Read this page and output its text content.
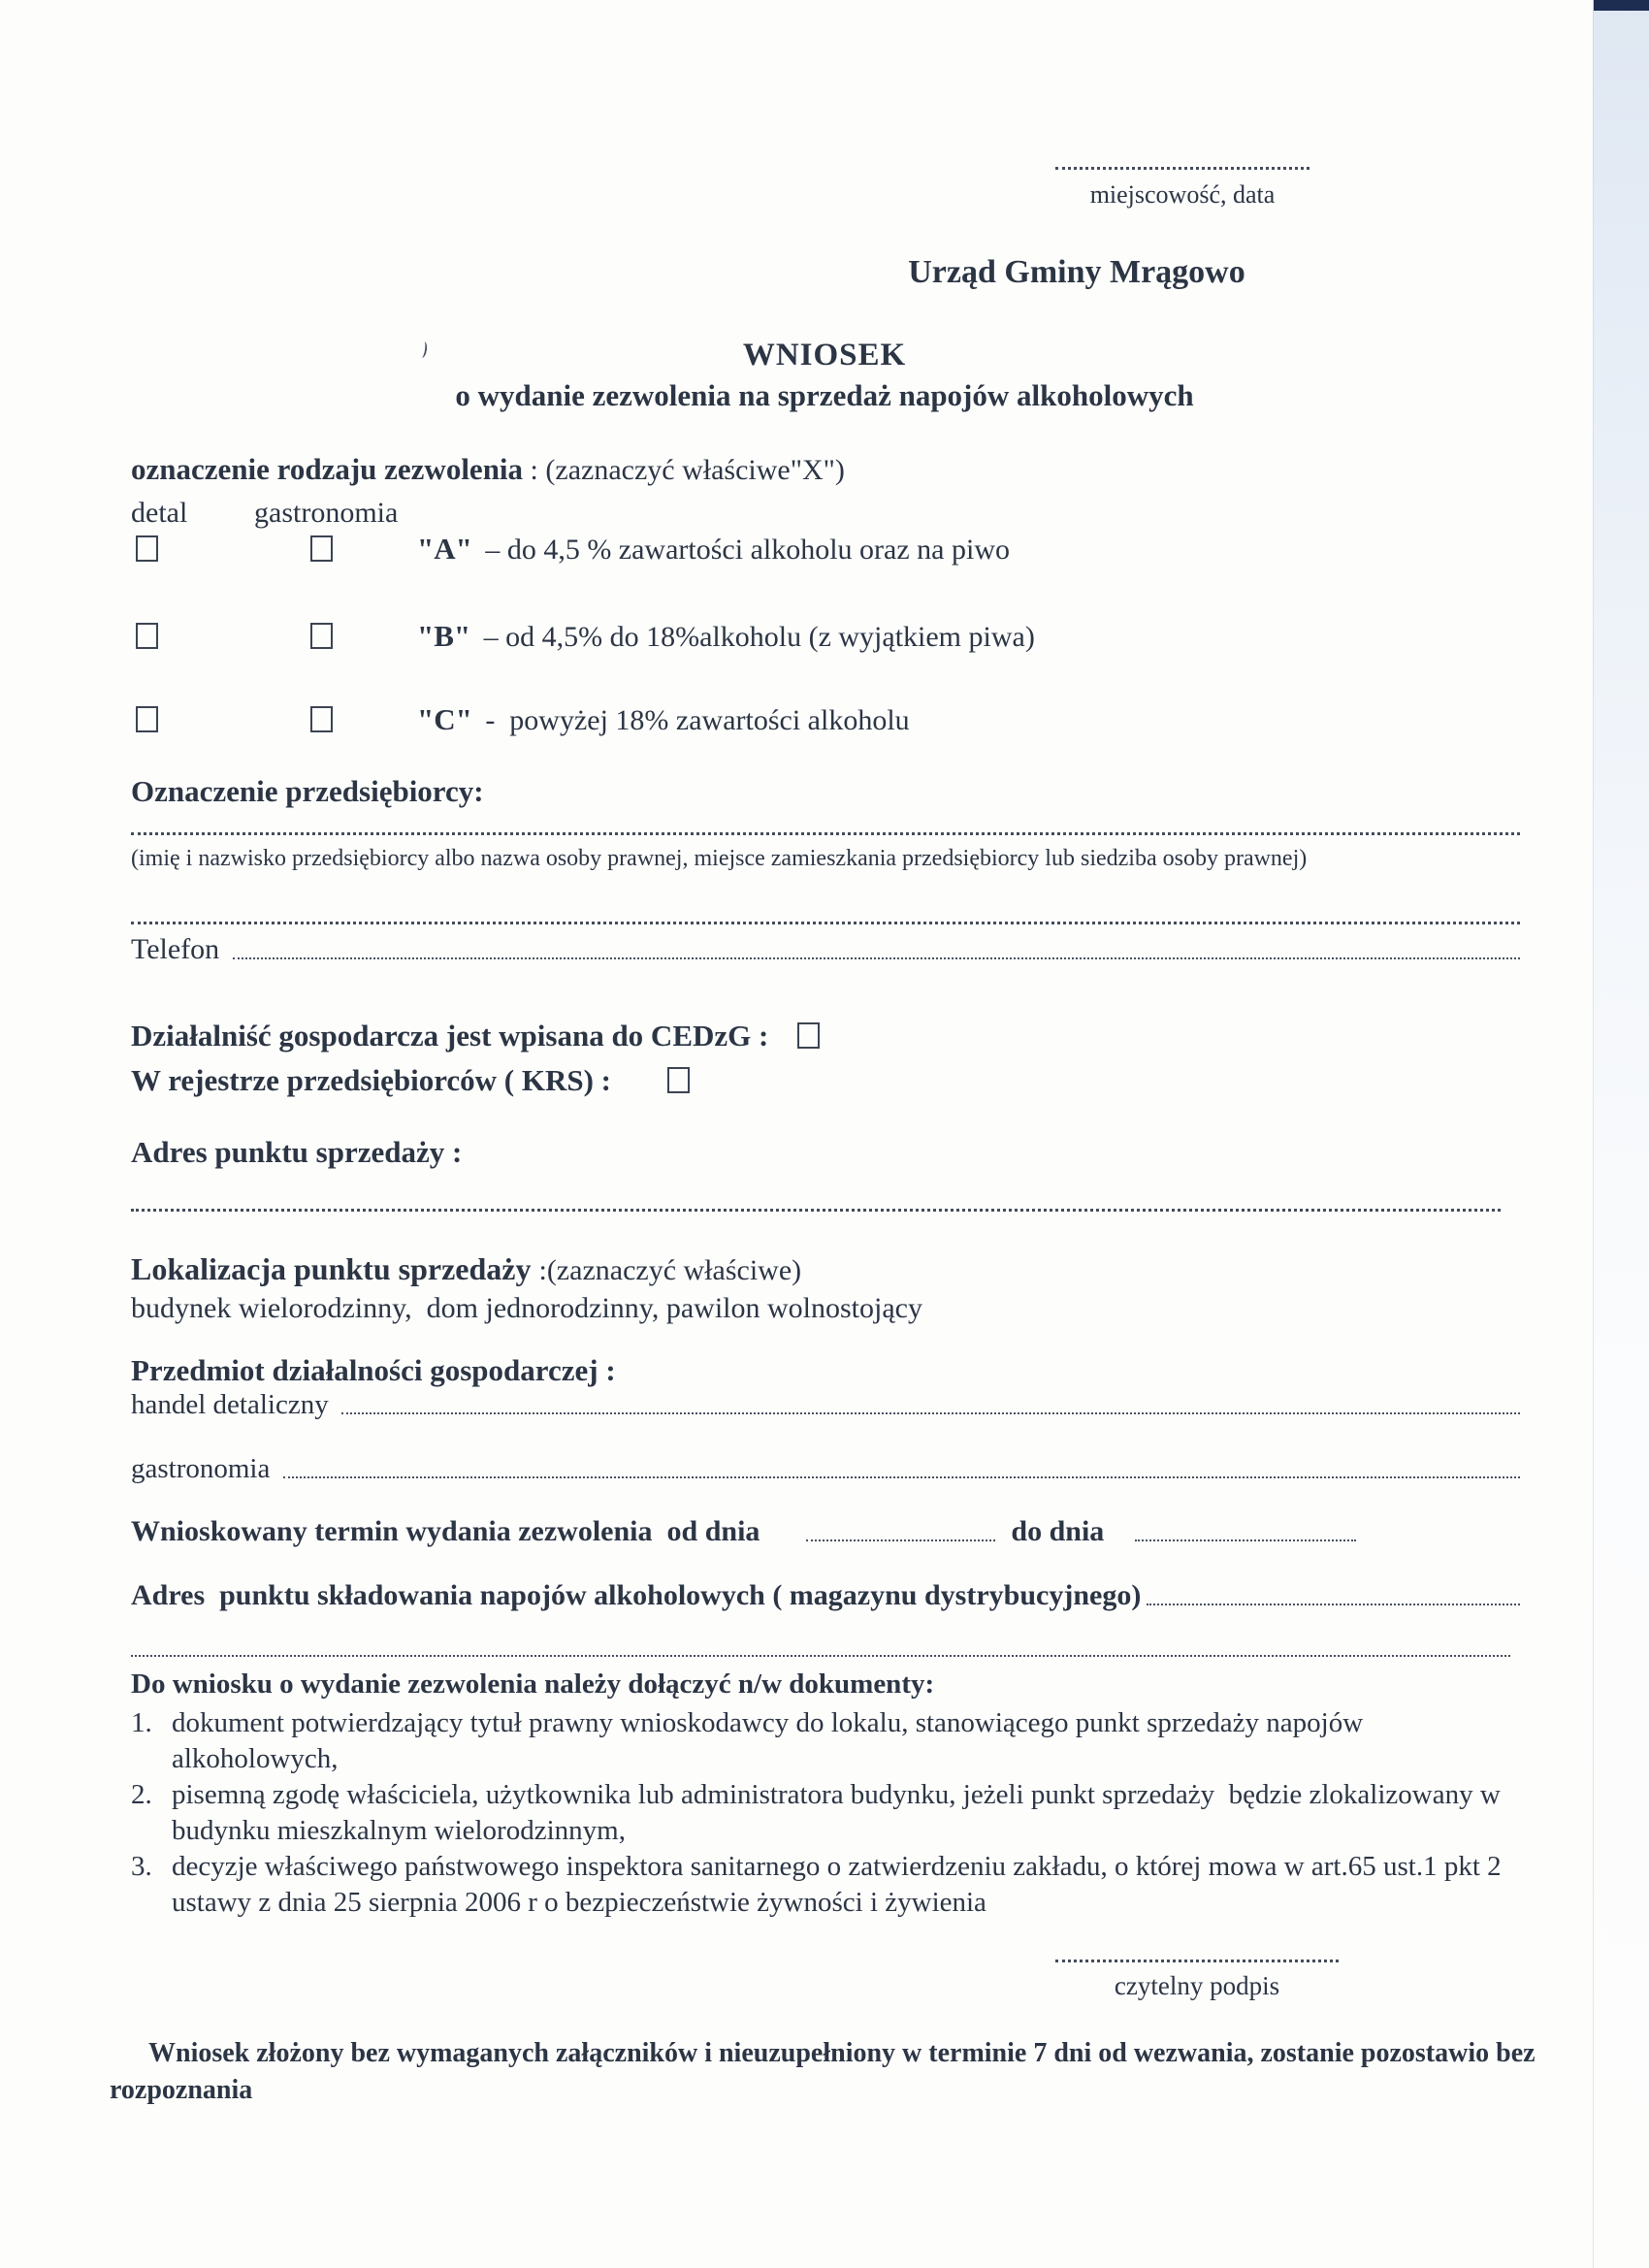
miejscowość, data
Urząd Gminy Mrągowo
WNIOSEK
o wydanie zezwolenia na sprzedaż napojów alkoholowych
oznaczenie rodzaju zezwolenia : (zaznaczyć właściwe"X")
detal gastronomia
"A" – do 4,5 % zawartości alkoholu oraz na piwo
"B" – od 4,5% do 18%alkoholu (z wyjątkiem piwa)
"C" -  powyżej 18% zawartości alkoholu
Oznaczenie przedsiębiorcy:
(imię i nazwisko przedsiębiorcy albo nazwa osoby prawnej, miejsce zamieszkania przedsiębiorcy lub siedziba osoby prawnej)
Telefon
Działalniść gospodarcza jest wpisana do CEDzG :
W rejestrze przedsiębiorców ( KRS) :
Adres punktu sprzedaży :
Lokalizacja punktu sprzedaży :(zaznaczyć właściwe)
budynek wielorodzinny,  dom jednorodzinny, pawilon wolnostojący
Przedmiot działalności gospodarczej :
handel detaliczny
gastronomia
Wnioskowany termin wydania zezwolenia  od dnia	do dnia
Adres  punktu składowania napojów alkoholowych ( magazynu dystrybucyjnego)
Do wniosku o wydanie zezwolenia należy dołączyć n/w dokumenty:
1. dokument potwierdzający tytuł prawny wnioskodawcy do lokalu, stanowiącego punkt sprzedaży napojów alkoholowych,
2. pisemną zgodę właściciela, użytkownika lub administratora budynku, jeżeli punkt sprzedaży  będzie zlokalizowany w budynku mieszkalnym wielorodzinnym,
3. decyzje właściwego państwowego inspektora sanitarnego o zatwierdzeniu zakładu, o której mowa w art.65 ust.1 pkt 2 ustawy z dnia 25 sierpnia 2006 r o bezpieczeństwie żywności i żywienia
czytelny podpis
Wniosek złożony bez wymaganych załączników i nieuzupełniony w terminie 7 dni od wezwania, zostanie pozostawio bez rozpoznania
